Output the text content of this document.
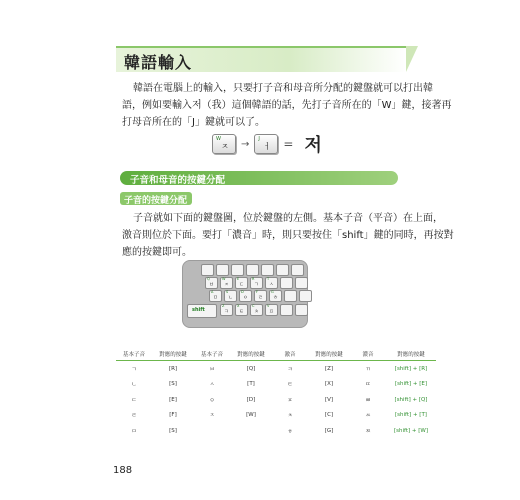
韓語輸入
韓語在電腦上的輸入，只要打子音和母音所分配的鍵盤就可以打出韓
語，例如要輸入저（我）這個韓語的話，先打子音所在的「W」鍵，接著再
打母音所在的「J」鍵就可以了。
W
ㅈ → J
ㅓ = 저
子音和母音的按鍵分配
子音的按鍵分配
子音就如下面的鍵盤圖，位於鍵盤的左側。基本子音（平音）在上面，
激音則位於下面。要打「濃音」時，則只要按住「shift」鍵的同時，再按對
應的按鍵即可。
Q
ㅂ
W
ㅈ
E
ㄷ
R
ㄱ
T
ㅅ
A
ㅁ
S
ㄴ
D
ㅇ
F
ㄹ
G
ㅎ
shift
Z
ㅋ
X
ㅌ
C
ㅊ
V
ㅍ
基本子音	對應的按鍵	基本子音	對應的按鍵	激音	對應的按鍵	濃音	對應的按鍵
ㄱ	[R]	ㅂ	[Q]	ㅋ	[Z]	ㄲ	[shift] + [R]
ㄴ	[S]	ㅅ	[T]	ㅌ	[X]	ㄸ	[shift] + [E]
ㄷ	[E]	ㅇ	[D]	ㅍ	[V]	ㅃ	[shift] + [Q]
ㄹ	[F]	ㅈ	[W]	ㅊ	[C]	ㅆ	[shift] + [T]
ㅁ	[S]			ㅎ	[G]	ㅉ	[shift] + [W]
188
